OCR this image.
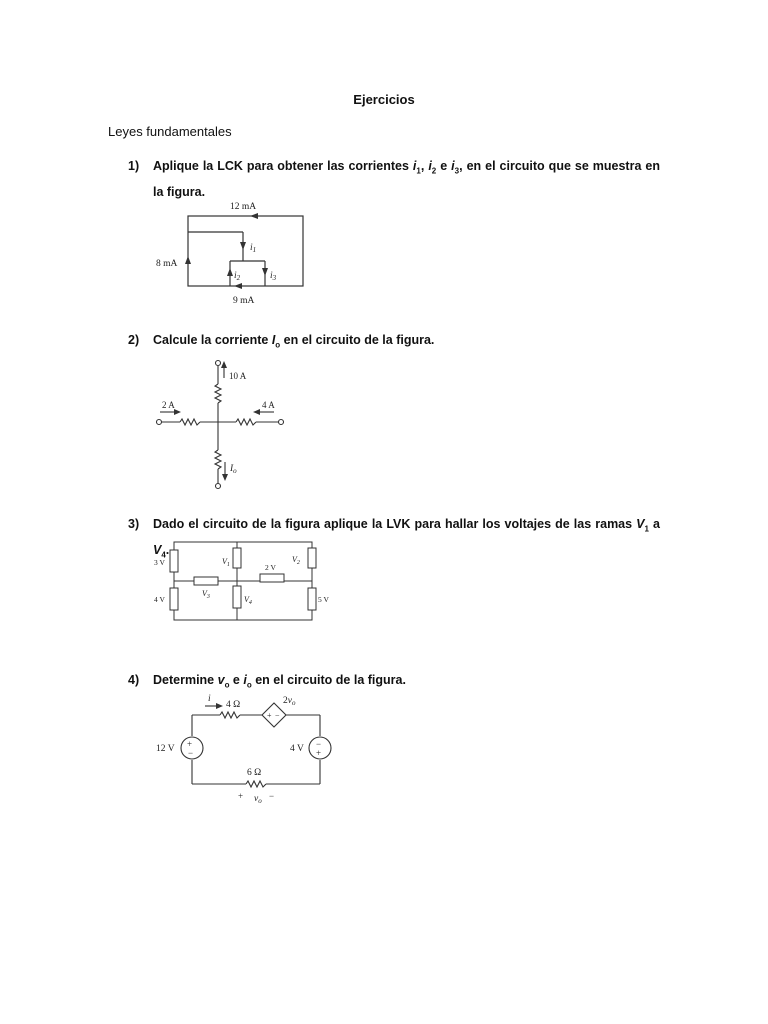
Ejercicios
Leyes fundamentales
1) Aplique la LCK para obtener las corrientes $i_1$, $i_2$ e $i_3$, en el circuito que se muestra en la figura.
12 mA
8 mA
9 mA
$i_1$
$i_2$	$i_3$
2) Calcule la corriente $I_o$ en el circuito de la figura.
10 A
2 A	4 A
$I_o$
3) Dado el circuito de la figura aplique la LVK para hallar los voltajes de las ramas $V_1$ a $V_4$.
3 V
4 V
2 V
5 V
$V_1$
$V_2$
$V_3$	$V_4$
4) Determine $v_o$ e $i_o$ en el circuito de la figura.
+
−
−
+
+ −
i
4 Ω	$2v_o$
12 V	4 V
6 Ω
+ $v_o$ −
